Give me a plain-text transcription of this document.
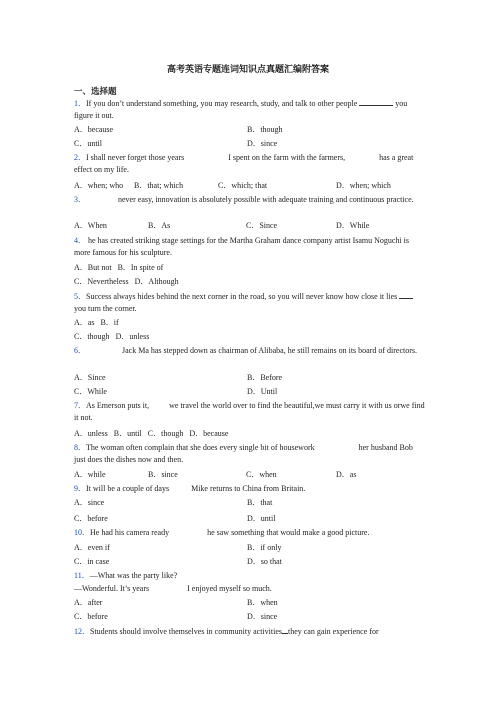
高考英语专题连词知识点真题汇编附答案
一、选择题
1．If you don’t understand something, you may research, study, and talk to other people	you figure it out.
A．because	B．though
C．until	D．since
2．I shall never forget those years	I spent on the farm with the farmers,	has a great effect on my life.
A．when; who B．that; which	C．which; that	D．when; which
3．	never easy, innovation is absolutely possible with adequate training and continuous practice.
A．When	B．As	C．Since	D．While
4． he has created striking stage settings for the Martha Graham dance company artist Isamu Noguchi is more famous for his sculpture.
A．But not B．In spite of
C．Nevertheless D．Although
5．Success always hides behind the next corner in the road, so you will never know how close it lies  you turn the corner.
A．as B．if
C．though D．unless
6．	Jack Ma has stepped down as chairman of Alibaba, he still remains on its board of directors.
A．Since	B．Before
C．While	D．Until
7．As Emerson puts it,  we travel the world over to find the beautiful,we must carry it with us orwe find it not.
A．unless B．until C．though D．because
8．The woman often complain that she does every single bit of housework	her husband Bob just does the dishes now and then.
A．while	B．since	C．when	D．as
9．It will be a couple of days  Mike returns to China from Britain.
A．since	B．that
C．before	D．until
10．He had his camera ready	he saw something that would make a good picture.
A．even if	B．if only
C．in case	D．so that
11．—What was the party like?
—Wonderful. It’s years	I enjoyed myself so much.
A．after	B．when
C．before	D．since
12．Students should involve themselves in community activities they can gain experience for
